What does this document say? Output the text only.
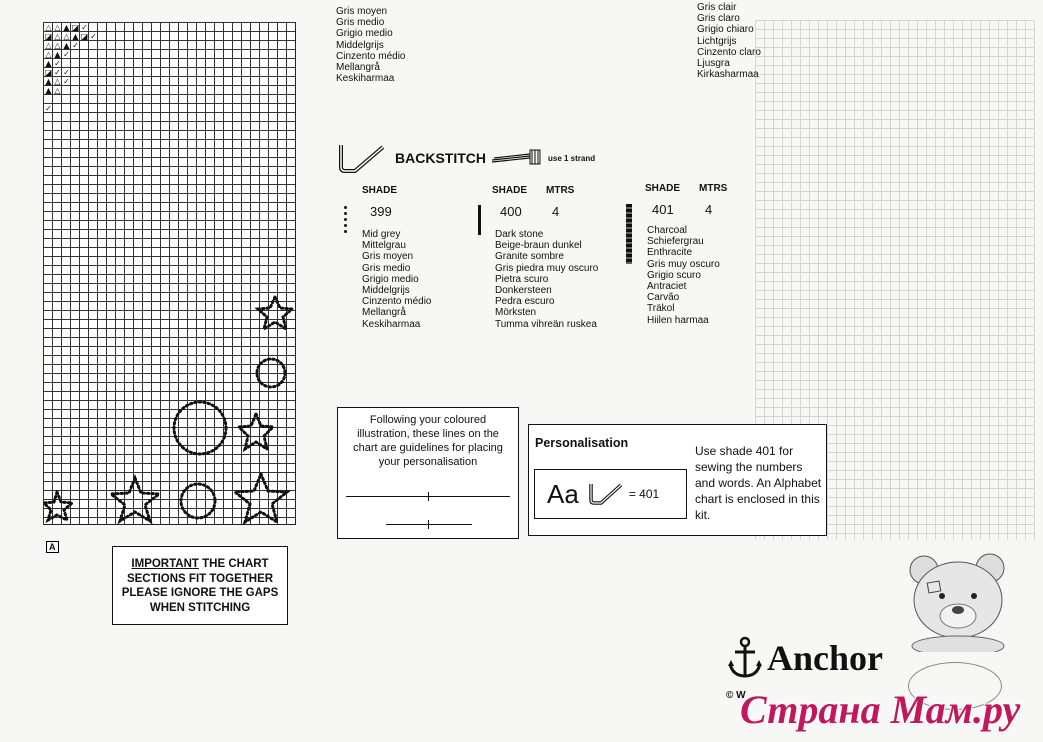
△ △ ▲ ◪ ✓
◪ △ △ ▲ ◪ ✓
△ △ ▲ ✓
△ ▲ ✓
▲ ✓
◪ ✓ ✓
▲ △ ✓
▲ △
✓
A
IMPORTANT THE CHART
SECTIONS FIT TOGETHER
PLEASE IGNORE THE GAPS
WHEN STITCHING
Gris moyen
Gris medio
Grigio medio
Middelgrijs
Cinzento médio
Mellangrå
Keskiharmaa
Gris clair
Gris claro
Grigio chiaro
Lichtgrijs
Cinzento claro
Ljusgra
Kirkasharmaa
BACKSTITCH	use 1 strand
SHADE
399
Mid grey
Mittelgrau
Gris moyen
Gris medio
Grigio medio
Middelgrijs
Cinzento médio
Mellangrå
Keskiharmaa
SHADE MTRS
400 4
Dark stone
Beige-braun dunkel
Granite sombre
Gris piedra muy oscuro
Pietra scuro
Donkersteen
Pedra escuro
Mörksten
Tumma vihreän ruskea
SHADE MTRS
401 4
Charcoal
Schiefergrau
Enthracite
Gris muy oscuro
Grigio scuro
Antraciet
Carvão
Träkol
Hiilen harmaa
Following your coloured illustration, these lines on the chart are guidelines for placing your personalisation
Personalisation
Aa	= 401
Use shade 401 for sewing the numbers and words. An Alphabet chart is enclosed in this kit.
Anchor
© W
Страна Мам.ру
